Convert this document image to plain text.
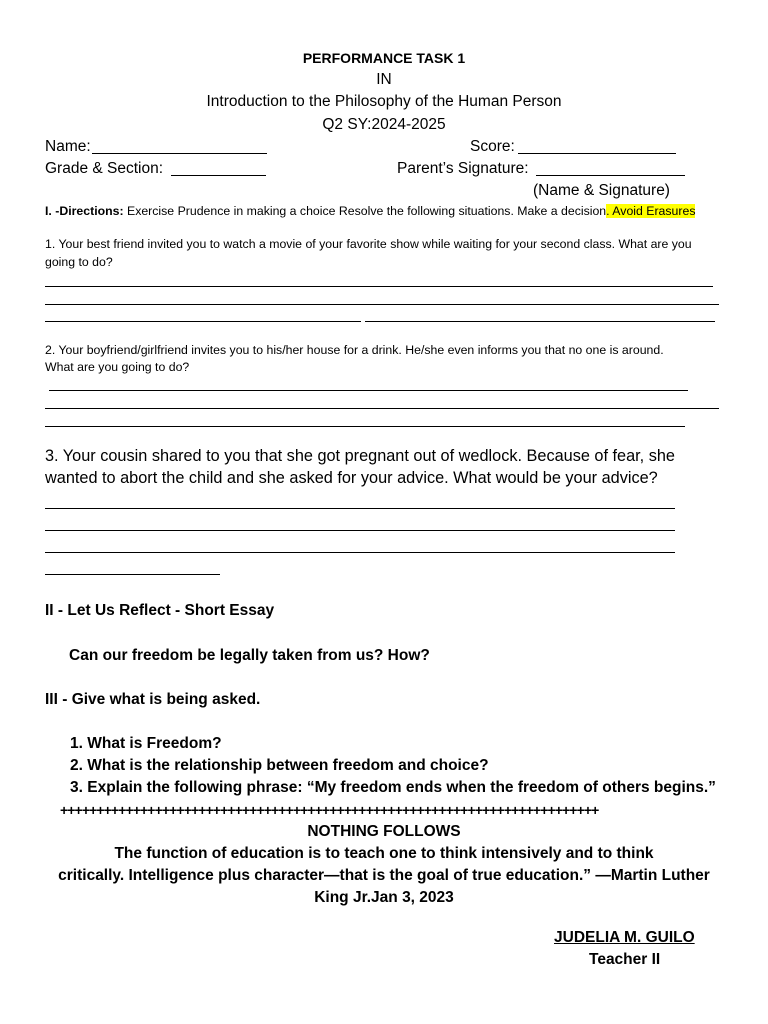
PERFORMANCE TASK 1
IN
Introduction to the Philosophy of the Human Person
Q2 SY:2024-2025
Name:	Score:
Grade & Section:	Parent’s Signature:
(Name & Signature)
I. -Directions: Exercise Prudence in making a choice Resolve the following situations. Make a decision. Avoid Erasures
1. Your best friend invited you to watch a movie of your favorite show while waiting for your second class. What are you
going to do?
2. Your boyfriend/girlfriend invites you to his/her house for a drink. He/she even informs you that no one is around.
What are you going to do?
3. Your cousin shared to you that she got pregnant out of wedlock. Because of fear, she
wanted to abort the child and she asked for your advice. What would be your advice?
II - Let Us Reflect - Short Essay
Can our freedom be legally taken from us? How?
III - Give what is being asked.
1. What is Freedom?
2. What is the relationship between freedom and choice?
3. Explain the following phrase: “My freedom ends when the freedom of others begins.”
++++++++++++++++++++++++++++++++++++++++++++++++++++++++++++++++++++++++++
NOTHING FOLLOWS
The function of education is to teach one to think intensively and to think
critically. Intelligence plus character—that is the goal of true education.” —Martin Luther
King Jr.Jan 3, 2023
JUDELIA M. GUILO
Teacher II
